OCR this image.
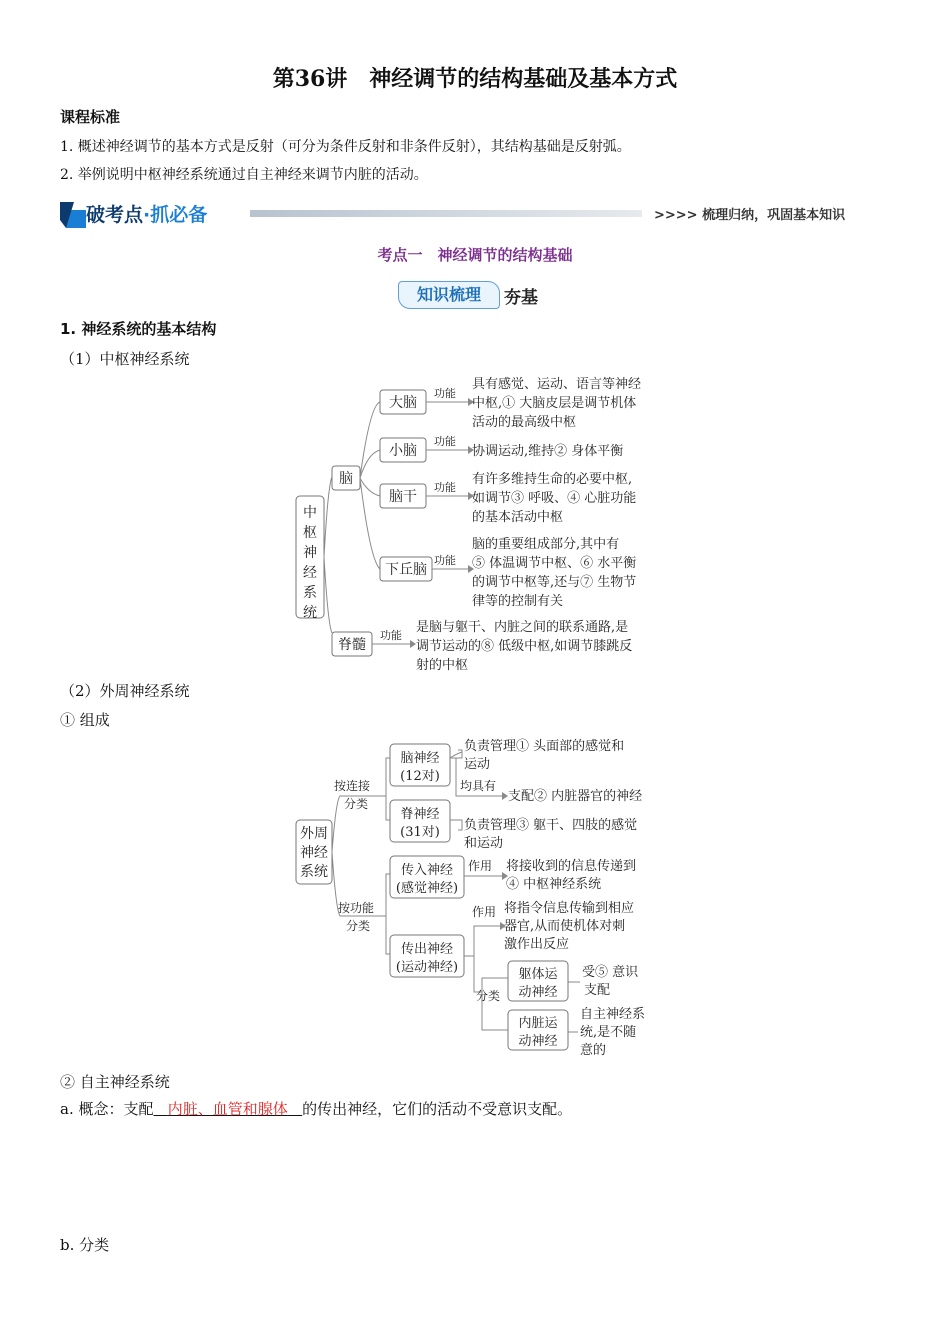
第36讲　神经调节的结构基础及基本方式
课程标准
1. 概述神经调节的基本方式是反射（可分为条件反射和非条件反射），其结构基础是反射弧。
2. 举例说明中枢神经系统通过自主神经来调节内脏的活动。
破考点·抓必备	>>>> 梳理归纳，巩固基本知识
考点一　神经调节的结构基础
知识梳理	夯基
1. 神经系统的基本结构
（1）中枢神经系统
中
枢
神
经
系
统
脑
脊髓
大脑
小脑
脑干
下丘脑
功能
功能
功能
功能
功能
具有感觉、运动、语言等神经
中枢,① 大脑皮层是调节机体
活动的最高级中枢
协调运动,维持② 身体平衡
有许多维持生命的必要中枢,
如调节③ 呼吸、④ 心脏功能
的基本活动中枢
脑的重要组成部分,其中有
⑤ 体温调节中枢、⑥ 水平衡
的调节中枢等,还与⑦ 生物节
律等的控制有关
是脑与躯干、内脏之间的联系通路,是
调节运动的⑧ 低级中枢,如调节膝跳反
射的中枢
（2）外周神经系统
① 组成
外周
神经
系统
按连接
分类
按功能
分类
脑神经
(12对)
脊神经
(31对)
传入神经
(感觉神经)
传出神经
(运动神经)
均具有
作用
作用
分类
躯体运
动神经
内脏运
动神经
负责管理① 头面部的感觉和
运动
支配② 内脏器官的神经
负责管理③ 躯干、四肢的感觉
和运动
将接收到的信息传递到
④ 中枢神经系统
将指令信息传输到相应
器官,从而使机体对刺
激作出反应
受⑤ 意识
支配
自主神经系
统,是不随
意的
② 自主神经系统
a. 概念：支配 内脏、血管和腺体 的传出神经，它们的活动不受意识支配。
b. 分类
